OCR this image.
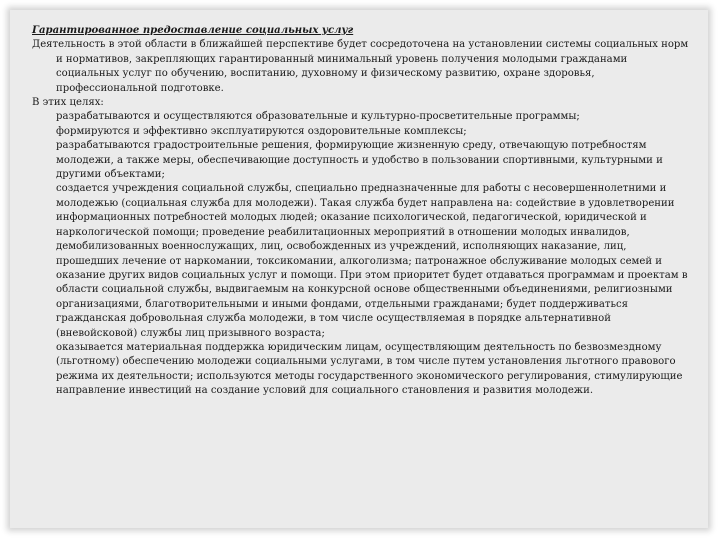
Гарантированное предоставление социальных услуг

Деятельность в этой области в ближайшей перспективе будет сосредоточена на установлении системы социальных норм и нормативов, закрепляющих гарантированный минимальный уровень получения молодыми гражданами социальных услуг по обучению, воспитанию, духовному и физическому развитию, охране здоровья, профессиональной подготовке.

В этих целях:

разрабатываются и осуществляются образовательные и культурно-просветительные программы;
формируются и эффективно эксплуатируются оздоровительные комплексы;
разрабатываются градостроительные решения, формирующие жизненную среду, отвечающую потребностям молодежи, а также меры, обеспечивающие доступность и удобство в пользовании спортивными, культурными и другими объектами;
создается учреждения социальной службы, специально предназначенные для работы с несовершеннолетними и молодежью (социальная служба для молодежи). Такая служба будет направлена на: содействие в удовлетворении информационных потребностей молодых людей; оказание психологической, педагогической, юридической и наркологической помощи; проведение реабилитационных мероприятий в отношении молодых инвалидов, демобилизованных военнослужащих, лиц, освобожденных из учреждений, исполняющих наказание, лиц, прошедших лечение от наркомании, токсикомании, алкоголизма; патронажное обслуживание молодых семей и оказание других видов социальных услуг и помощи. При этом приоритет будет отдаваться программам и проектам в области социальной службы, выдвигаемым на конкурсной основе общественными объединениями, религиозными организациями, благотворительными и иными фондами, отдельными гражданами; будет поддерживаться гражданская добровольная служба молодежи, в том числе осуществляемая в порядке альтернативной (вневойсковой) службы лиц призывного возраста;
оказывается материальная поддержка юридическим лицам, осуществляющим деятельность по безвозмездному (льготному) обеспечению молодежи социальными услугами, в том числе путем установления льготного правового режима их деятельности; используются методы государственного экономического регулирования, стимулирующие направление инвестиций на создание условий для социального становления и развития молодежи.
